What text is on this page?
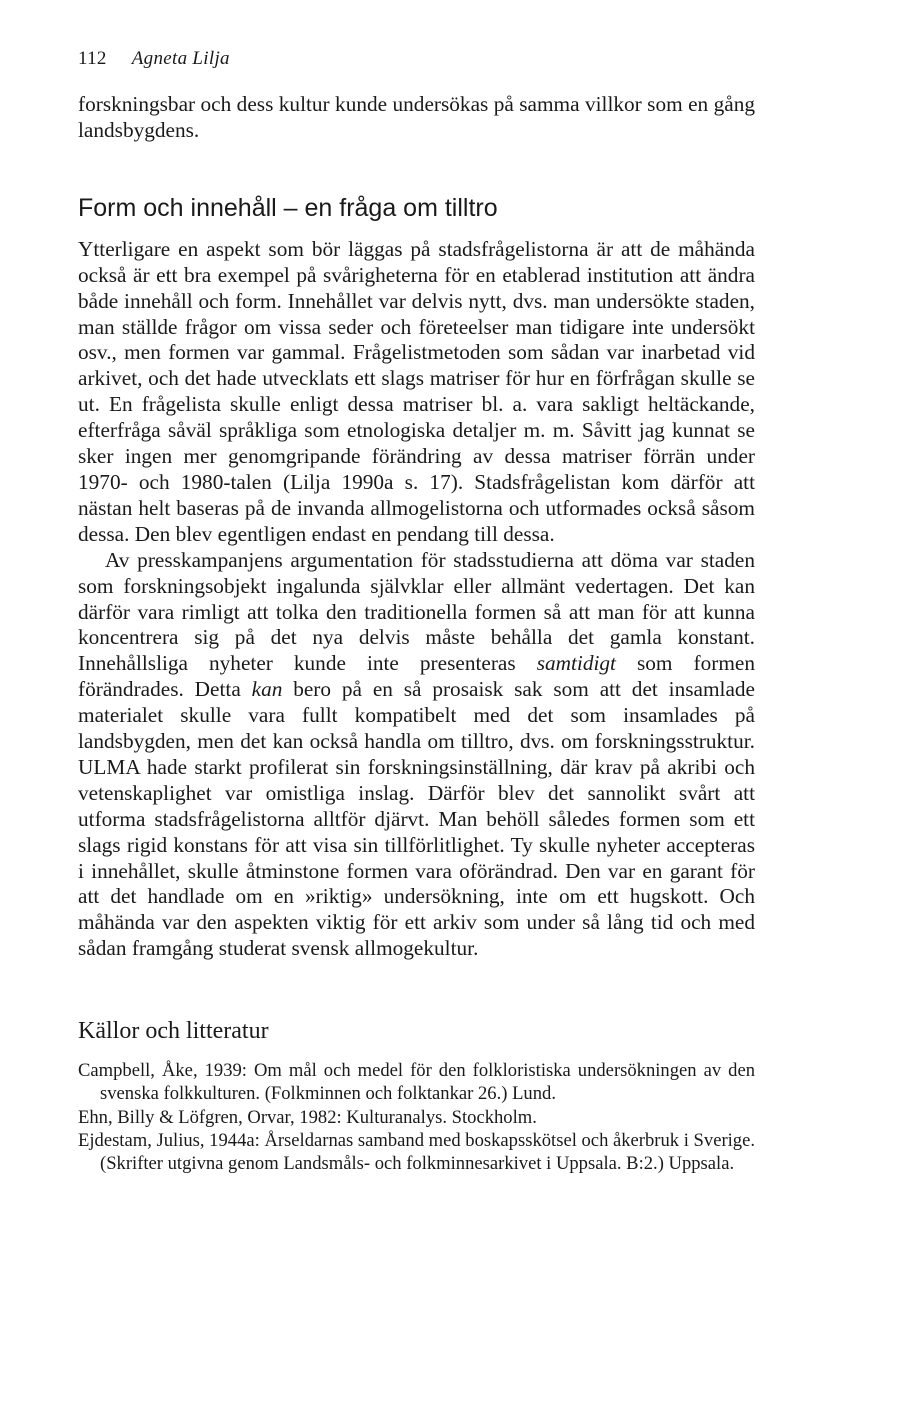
112 Agneta Lilja

forskningsbar och dess kultur kunde undersökas på samma villkor som en gång landsbygdens.

Form och innehåll – en fråga om tilltro

Ytterligare en aspekt som bör läggas på stadsfrågelistorna är att de måhända också är ett bra exempel på svårigheterna för en etablerad institution att ändra både innehåll och form. Innehållet var delvis nytt, dvs. man undersökte staden, man ställde frågor om vissa seder och företeelser man tidigare inte undersökt osv., men formen var gammal. Frågelistmetoden som sådan var inarbetad vid arkivet, och det hade utvecklats ett slags matriser för hur en förfrågan skulle se ut. En frågelista skulle enligt dessa matriser bl. a. vara sakligt heltäckande, efterfråga såväl språkliga som etnologiska detaljer m. m. Såvitt jag kunnat se sker ingen mer genomgripande förändring av dessa matriser förrän under 1970- och 1980-talen (Lilja 1990a s. 17). Stadsfrågelistan kom därför att nästan helt baseras på de invanda allmogelistorna och utformades också såsom dessa. Den blev egentligen endast en pendang till dessa.

Av presskampanjens argumentation för stadsstudierna att döma var staden som forskningsobjekt ingalunda självklar eller allmänt vedertagen. Det kan därför vara rimligt att tolka den traditionella formen så att man för att kunna koncentrera sig på det nya delvis måste behålla det gamla konstant. Innehållsliga nyheter kunde inte presenteras samtidigt som formen förändrades. Detta kan bero på en så prosaisk sak som att det insamlade materialet skulle vara fullt kompatibelt med det som insamlades på landsbygden, men det kan också handla om tilltro, dvs. om forskningsstruktur. ULMA hade starkt profilerat sin forskningsinställning, där krav på akribi och vetenskaplighet var omistliga inslag. Därför blev det sannolikt svårt att utforma stadsfrågelistorna alltför djärvt. Man behöll således formen som ett slags rigid konstans för att visa sin tillförlitlighet. Ty skulle nyheter accepteras i innehållet, skulle åtminstone formen vara oförändrad. Den var en garant för att det handlade om en »riktig» undersökning, inte om ett hugskott. Och måhända var den aspekten viktig för ett arkiv som under så lång tid och med sådan framgång studerat svensk allmogekultur.

Källor och litteratur
Campbell, Åke, 1939: Om mål och medel för den folkloristiska undersökningen av den svenska folkkulturen. (Folkminnen och folktankar 26.) Lund.
Ehn, Billy & Löfgren, Orvar, 1982: Kulturanalys. Stockholm.
Ejdestam, Julius, 1944a: Årseldarnas samband med boskapsskötsel och åkerbruk i Sverige. (Skrifter utgivna genom Landsmåls- och folkminnesarkivet i Uppsala. B:2.) Uppsala.
